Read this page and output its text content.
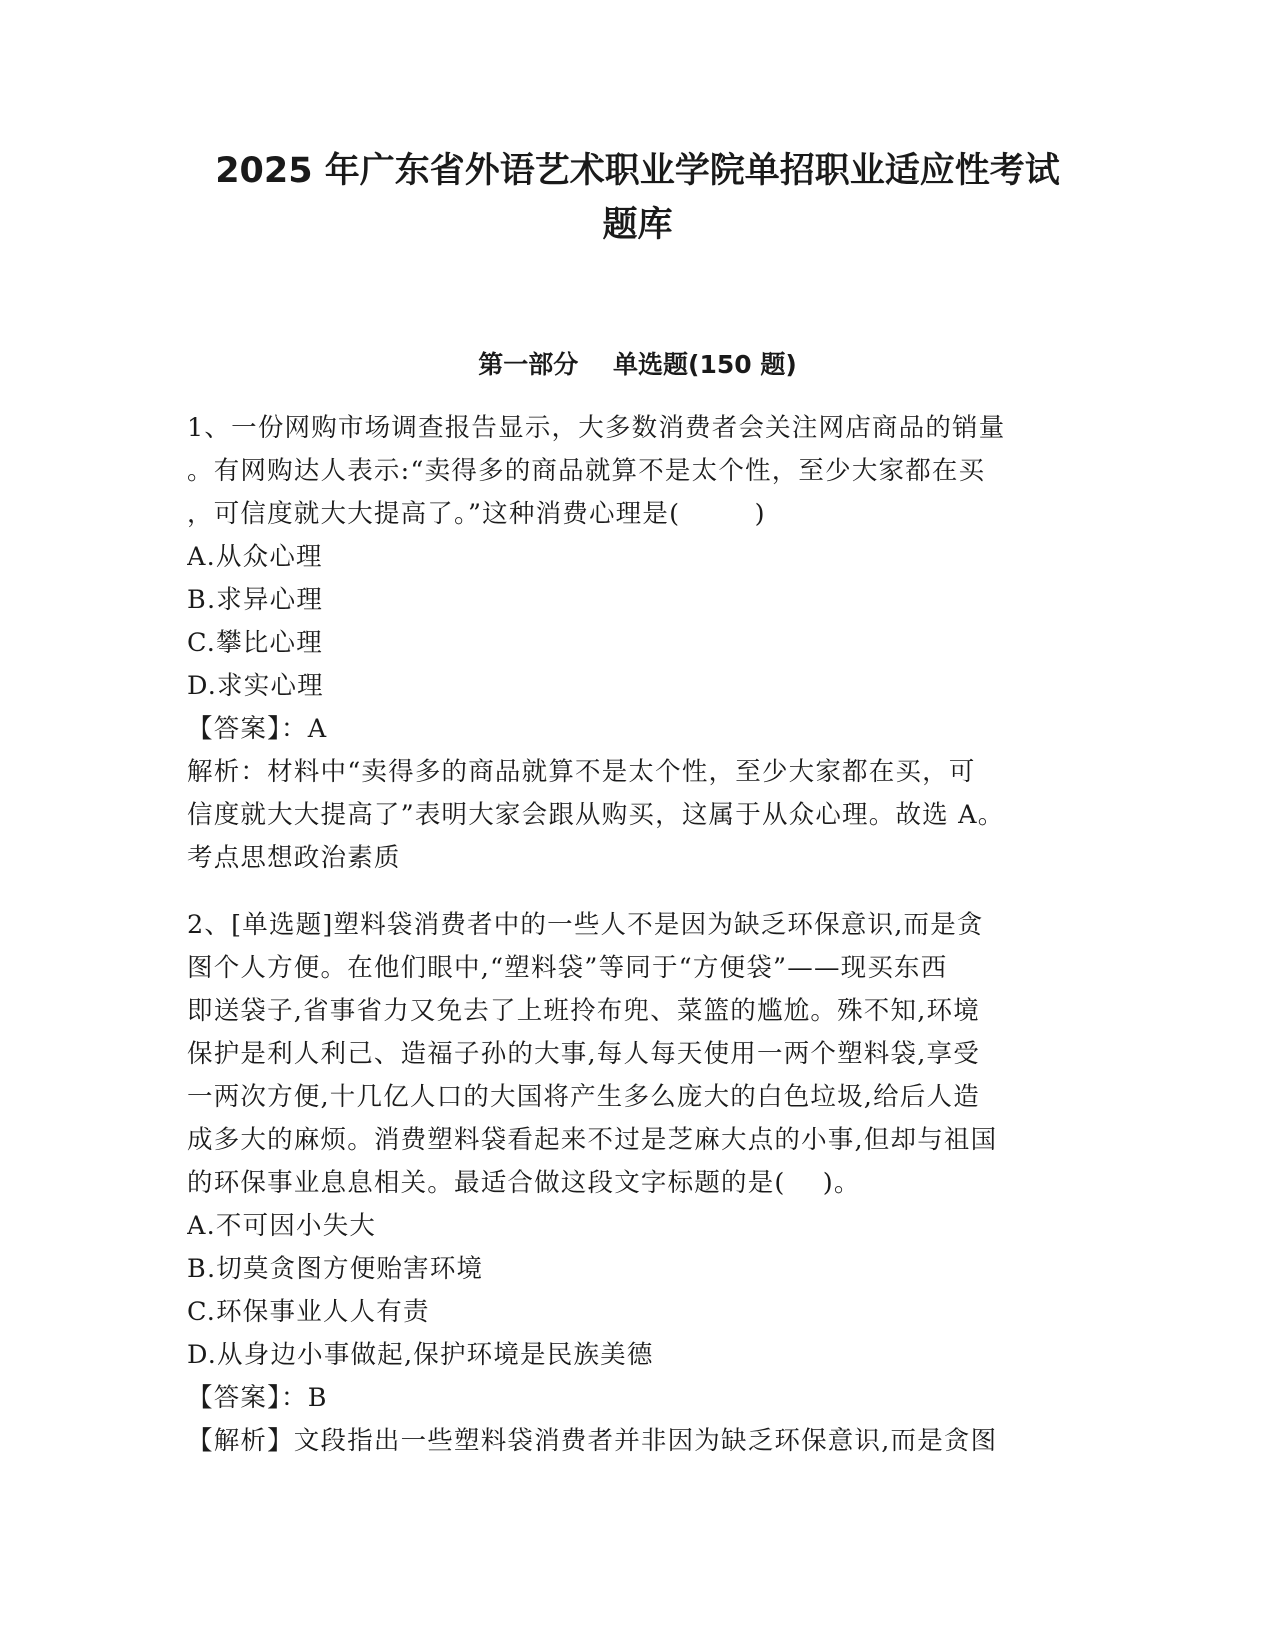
2025 年广东省外语艺术职业学院单招职业适应性考试
题库
第一部分    单选题(150 题)
1、一份网购市场调查报告显示，大多数消费者会关注网店商品的销量
。有网购达人表示:“卖得多的商品就算不是太个性，至少大家都在买
，可信度就大大提高了。”这种消费心理是(        )
A.从众心理
B.求异心理
C.攀比心理
D.求实心理
【答案】：A
解析：材料中“卖得多的商品就算不是太个性，至少大家都在买，可
信度就大大提高了”表明大家会跟从购买，这属于从众心理。故选 A。
考点思想政治素质
2、[单选题]塑料袋消费者中的一些人不是因为缺乏环保意识,而是贪
图个人方便。在他们眼中,“塑料袋”等同于“方便袋”——现买东西
即送袋子,省事省力又免去了上班拎布兜、菜篮的尴尬。殊不知,环境
保护是利人利己、造福子孙的大事,每人每天使用一两个塑料袋,享受
一两次方便,十几亿人口的大国将产生多么庞大的白色垃圾,给后人造
成多大的麻烦。消费塑料袋看起来不过是芝麻大点的小事,但却与祖国
的环保事业息息相关。最适合做这段文字标题的是(    )。
A.不可因小失大
B.切莫贪图方便贻害环境
C.环保事业人人有责
D.从身边小事做起,保护环境是民族美德
【答案】：B
【解析】文段指出一些塑料袋消费者并非因为缺乏环保意识,而是贪图
